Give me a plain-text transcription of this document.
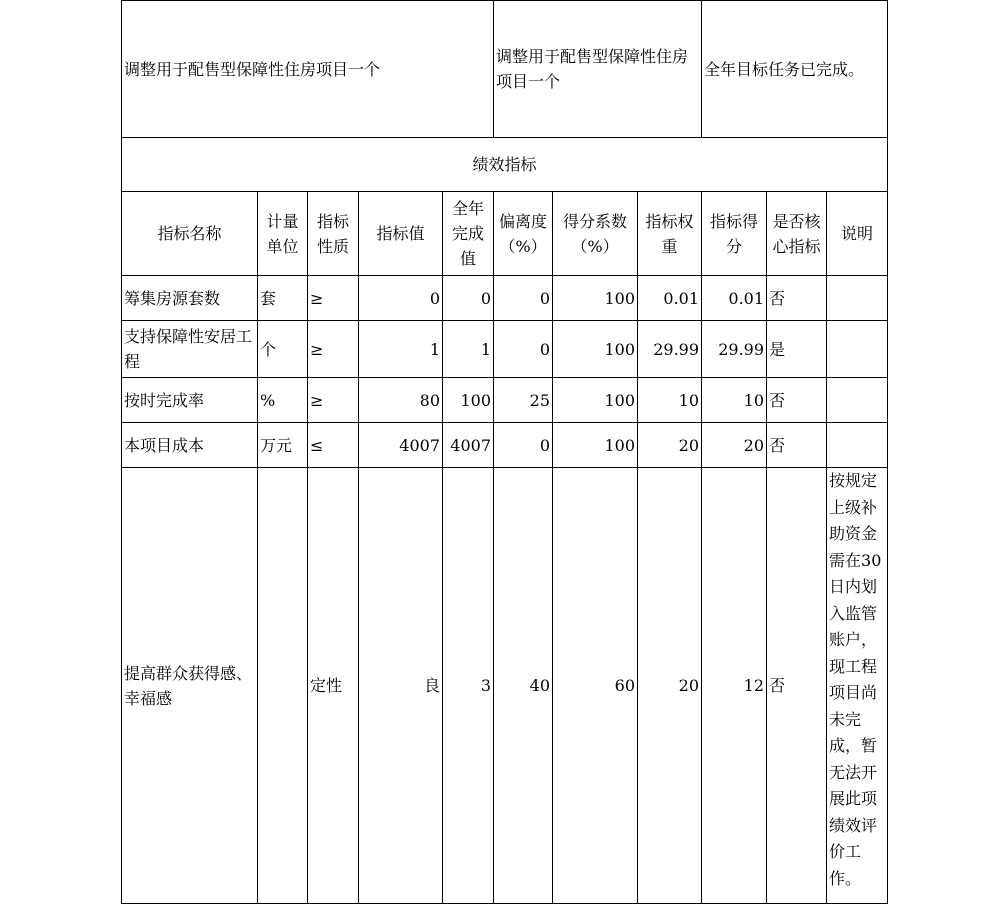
调整用于配售型保障性住房项目一个					调整用于配售型保障性住房项目一个			全年目标任务已完成。		
绩效指标										
指标名称	计量单位	指标性质	指标值	全年完成值	偏离度（%）	得分系数（%）	指标权重	指标得分	是否核心指标	说明
筹集房源套数	套	≥	0	0	0	100	0.01	0.01	否	
支持保障性安居工程	个	≥	1	1	0	100	29.99	29.99	是	
按时完成率	%	≥	80	100	25	100	10	10	否	
本项目成本	万元	≤	4007	4007	0	100	20	20	否	
提高群众获得感、幸福感		定性	良	3	40	60	20	12	否	按规定上级补助资金需在30日内划入监管账户，现工程项目尚未完成，暂无法开展此项绩效评价工作。
